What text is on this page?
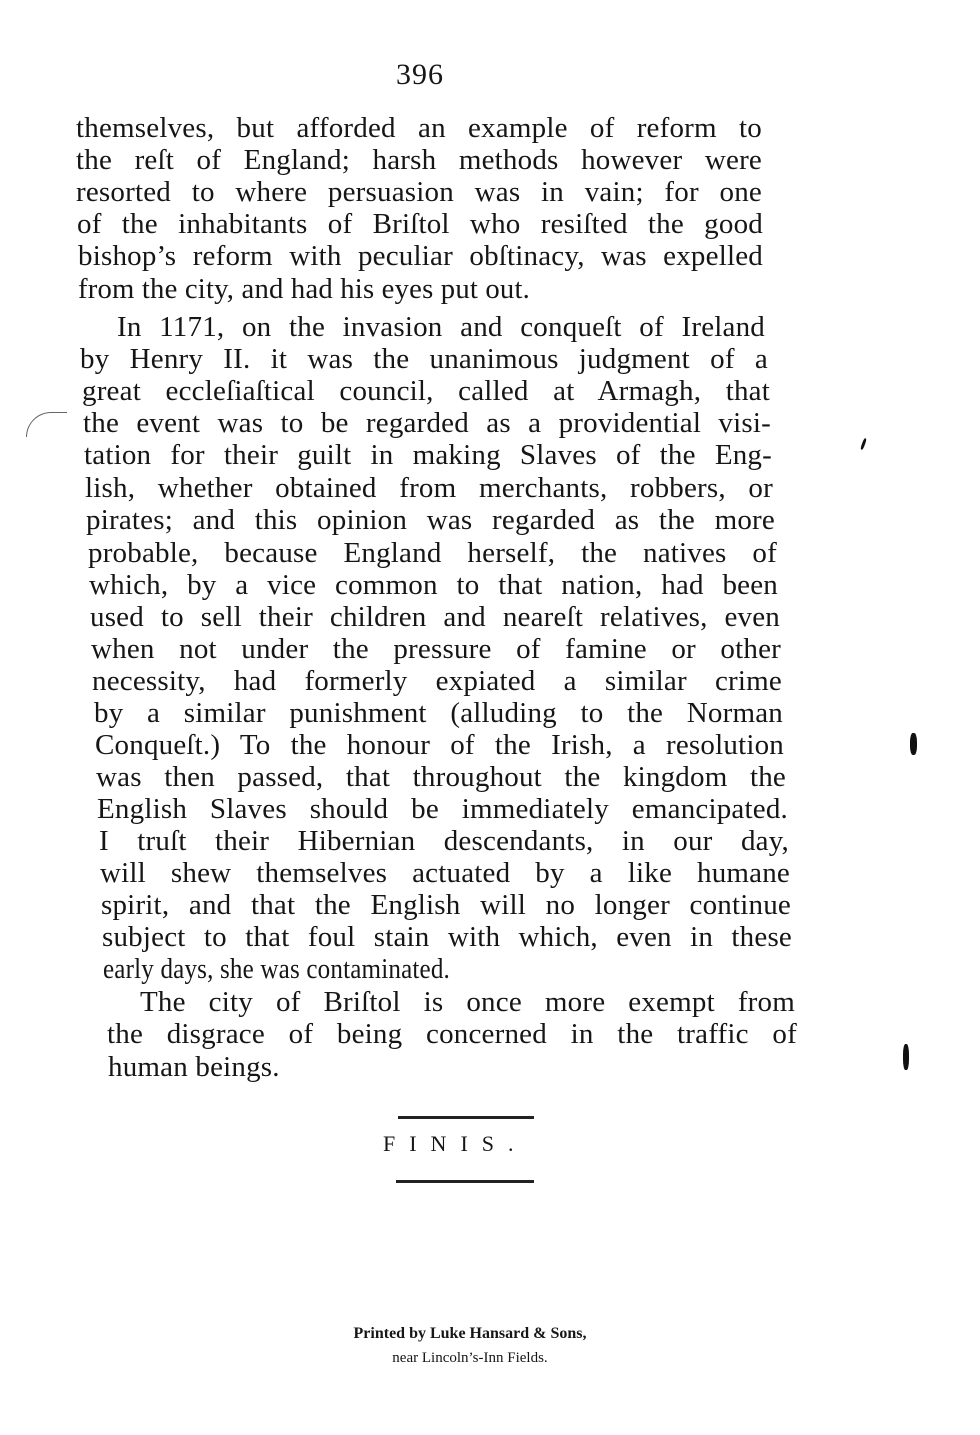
396
themselves, but afforded an example of reform to
the reſt of England; harsh methods however were
resorted to where persuasion was in vain; for one
of the inhabitants of Briſtol who resiſted the good
bishop’s reform with peculiar obſtinacy, was expelled
from the city, and had his eyes put out.
In 1171, on the invasion and conqueſt of Ireland
by Henry II. it was the unanimous judgment of a
great eccleſiaſtical council, called at Armagh, that
the event was to be regarded as a providential visi-
tation for their guilt in making Slaves of the Eng-
lish, whether obtained from merchants, robbers, or
pirates; and this opinion was regarded as the more
probable, because England herself, the natives of
which, by a vice common to that nation, had been
used to sell their children and neareſt relatives, even
when not under the pressure of famine or other
necessity, had formerly expiated a similar crime
by a similar punishment (alluding to the Norman
Conqueſt.) To the honour of the Irish, a resolution
was then passed, that throughout the kingdom the
English Slaves should be immediately emancipated.
I truſt their Hibernian descendants, in our day,
will shew themselves actuated by a like humane
spirit, and that the English will no longer continue
subject to that foul stain with which, even in these
early days, she was contaminated.
The city of Briſtol is once more exempt from
the disgrace of being concerned in the traffic of
human beings.
FINIS.
Printed by Luke Hansard & Sons,
near Lincoln’s-Inn Fields.
